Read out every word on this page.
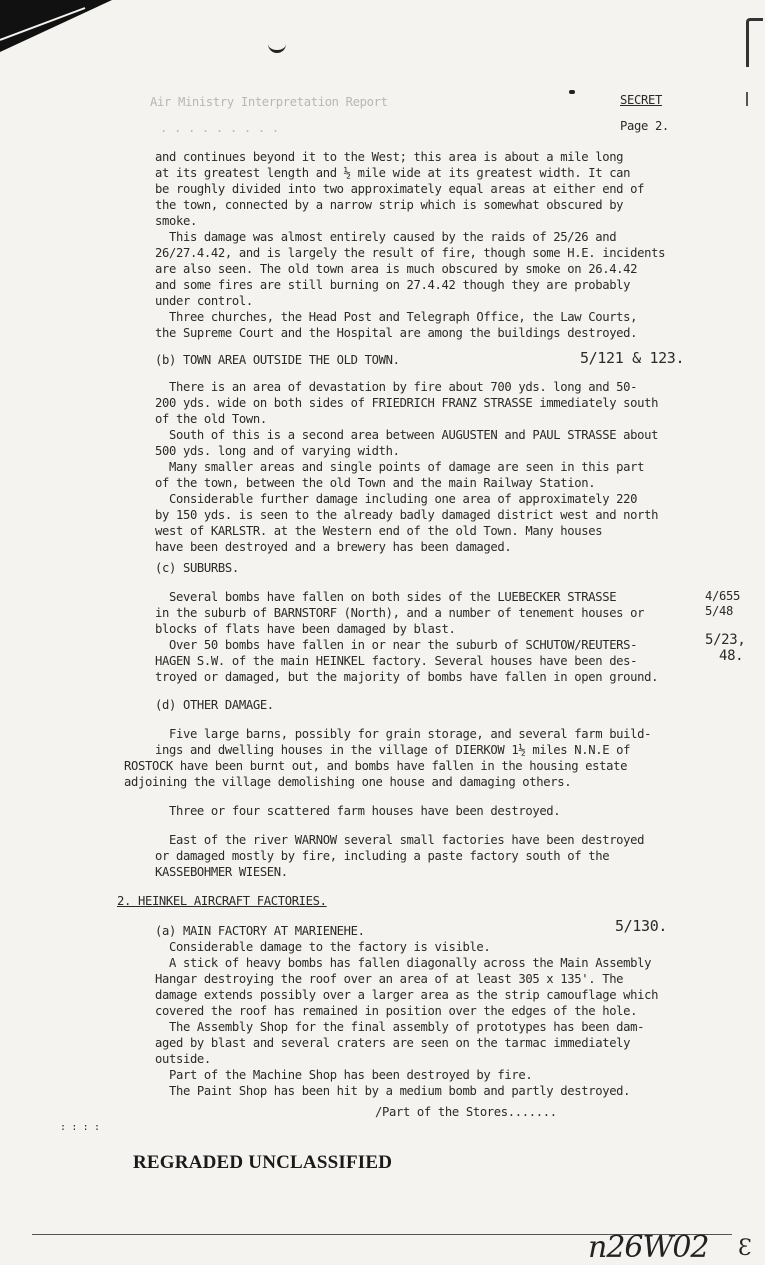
Air Ministry Interpretation Report
. . . . . . . . .
SECRET
Page 2.
and continues beyond it to the West; this area is about a mile long
at its greatest length and ½ mile wide at its greatest width. It can
be roughly divided into two approximately equal areas at either end of
the town, connected by a narrow strip which is somewhat obscured by
smoke.
This damage was almost entirely caused by the raids of 25/26 and
26/27.4.42, and is largely the result of fire, though some H.E. incidents
are also seen. The old town area is much obscured by smoke on 26.4.42
and some fires are still burning on 27.4.42 though they are probably
under control.
Three churches, the Head Post and Telegraph Office, the Law Courts,
the Supreme Court and the Hospital are among the buildings destroyed.
(b) TOWN AREA OUTSIDE THE OLD TOWN.	5/121 & 123.
There is an area of devastation by fire about 700 yds. long and 50-
200 yds. wide on both sides of FRIEDRICH FRANZ STRASSE immediately south
of the old Town.
South of this is a second area between AUGUSTEN and PAUL STRASSE about
500 yds. long and of varying width.
Many smaller areas and single points of damage are seen in this part
of the town, between the old Town and the main Railway Station.
Considerable further damage including one area of approximately 220
by 150 yds. is seen to the already badly damaged district west and north
west of KARLSTR. at the Western end of the old Town. Many houses
have been destroyed and a brewery has been damaged.
(c) SUBURBS.
Several bombs have fallen on both sides of the LUEBECKER STRASSE
in the suburb of BARNSTORF (North), and a number of tenement houses or
blocks of flats have been damaged by blast.
Over 50 bombs have fallen in or near the suburb of SCHUTOW/REUTERS-
HAGEN S.W. of the main HEINKEL factory. Several houses have been des-
troyed or damaged, but the majority of bombs have fallen in open ground.
4/655
5/48
5/23,
48.
(d) OTHER DAMAGE.
Five large barns, possibly for grain storage, and several farm build-
ings and dwelling houses in the village of DIERKOW 1½ miles N.N.E of
ROSTOCK have been burnt out, and bombs have fallen in the housing estate
adjoining the village demolishing one house and damaging others.
Three or four scattered farm houses have been destroyed.
East of the river WARNOW several small factories have been destroyed
or damaged mostly by fire, including a paste factory south of the
KASSEBOHMER WIESEN.
2. HEINKEL AIRCRAFT FACTORIES.
(a) MAIN FACTORY AT MARIENEHE.	5/130.
Considerable damage to the factory is visible.
A stick of heavy bombs has fallen diagonally across the Main Assembly
Hangar destroying the roof over an area of at least 305 x 135'. The
damage extends possibly over a larger area as the strip camouflage which
covered the roof has remained in position over the edges of the hole.
The Assembly Shop for the final assembly of prototypes has been dam-
aged by blast and several craters are seen on the tarmac immediately
outside.
Part of the Machine Shop has been destroyed by fire.
The Paint Shop has been hit by a medium bomb and partly destroyed.
/Part of the Stores.......
: : : :
REGRADED UNCLASSIFIED
n26W02 Ɛ
